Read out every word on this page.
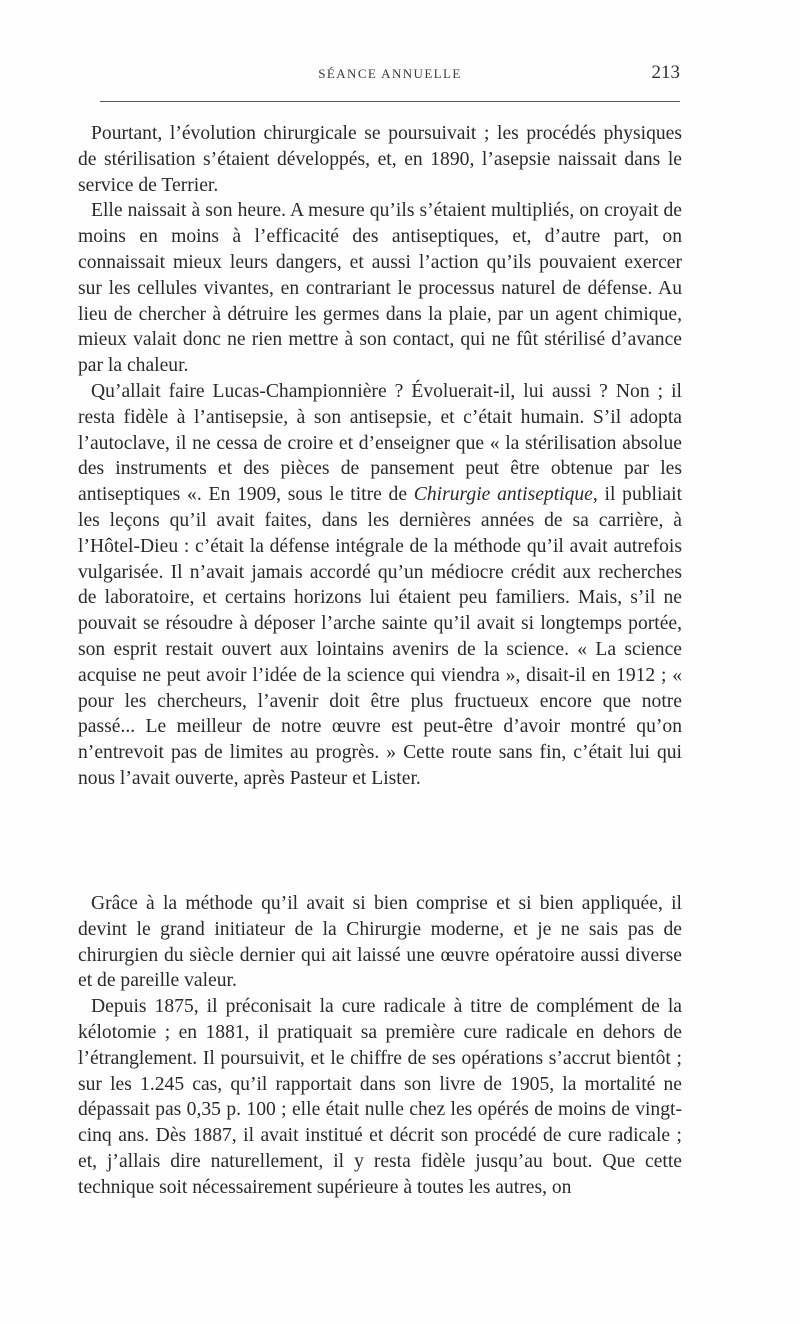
SÉANCE ANNUELLE	213

Pourtant, l’évolution chirurgicale se poursuivait ; les procédés physiques de stérilisation s’étaient développés, et, en 1890, l’asepsie naissait dans le service de Terrier.

Elle naissait à son heure. A mesure qu’ils s’étaient multipliés, on croyait de moins en moins à l’efficacité des antiseptiques, et, d’autre part, on connaissait mieux leurs dangers, et aussi l’action qu’ils pouvaient exercer sur les cellules vivantes, en contrariant le processus naturel de défense. Au lieu de chercher à détruire les germes dans la plaie, par un agent chimique, mieux valait donc ne rien mettre à son contact, qui ne fût stérilisé d’avance par la chaleur.

Qu’allait faire Lucas-Championnière ? Évoluerait-il, lui aussi ? Non ; il resta fidèle à l’antisepsie, à son antisepsie, et c’était humain. S’il adopta l’autoclave, il ne cessa de croire et d’enseigner que « la stérilisation absolue des instruments et des pièces de pansement peut être obtenue par les antiseptiques «. En 1909, sous le titre de Chirurgie antiseptique, il publiait les leçons qu’il avait faites, dans les dernières années de sa carrière, à l’Hôtel-Dieu : c’était la défense intégrale de la méthode qu’il avait autrefois vulgarisée. Il n’avait jamais accordé qu’un médiocre crédit aux recherches de laboratoire, et certains horizons lui étaient peu familiers. Mais, s’il ne pouvait se résoudre à déposer l’arche sainte qu’il avait si longtemps portée, son esprit restait ouvert aux lointains avenirs de la science. « La science acquise ne peut avoir l’idée de la science qui viendra », disait-il en 1912 ; « pour les chercheurs, l’avenir doit être plus fructueux encore que notre passé... Le meilleur de notre œuvre est peut-être d’avoir montré qu’on n’entrevoit pas de limites au progrès. » Cette route sans fin, c’était lui qui nous l’avait ouverte, après Pasteur et Lister.

Grâce à la méthode qu’il avait si bien comprise et si bien appliquée, il devint le grand initiateur de la Chirurgie moderne, et je ne sais pas de chirurgien du siècle dernier qui ait laissé une œuvre opératoire aussi diverse et de pareille valeur.

Depuis 1875, il préconisait la cure radicale à titre de complément de la kélotomie ; en 1881, il pratiquait sa première cure radicale en dehors de l’étranglement. Il poursuivit, et le chiffre de ses opérations s’accrut bientôt ; sur les 1.245 cas, qu’il rapportait dans son livre de 1905, la mortalité ne dépassait pas 0,35 p. 100 ; elle était nulle chez les opérés de moins de vingt-cinq ans. Dès 1887, il avait institué et décrit son procédé de cure radicale ; et, j’allais dire naturellement, il y resta fidèle jusqu’au bout. Que cette technique soit nécessairement supérieure à toutes les autres, on
